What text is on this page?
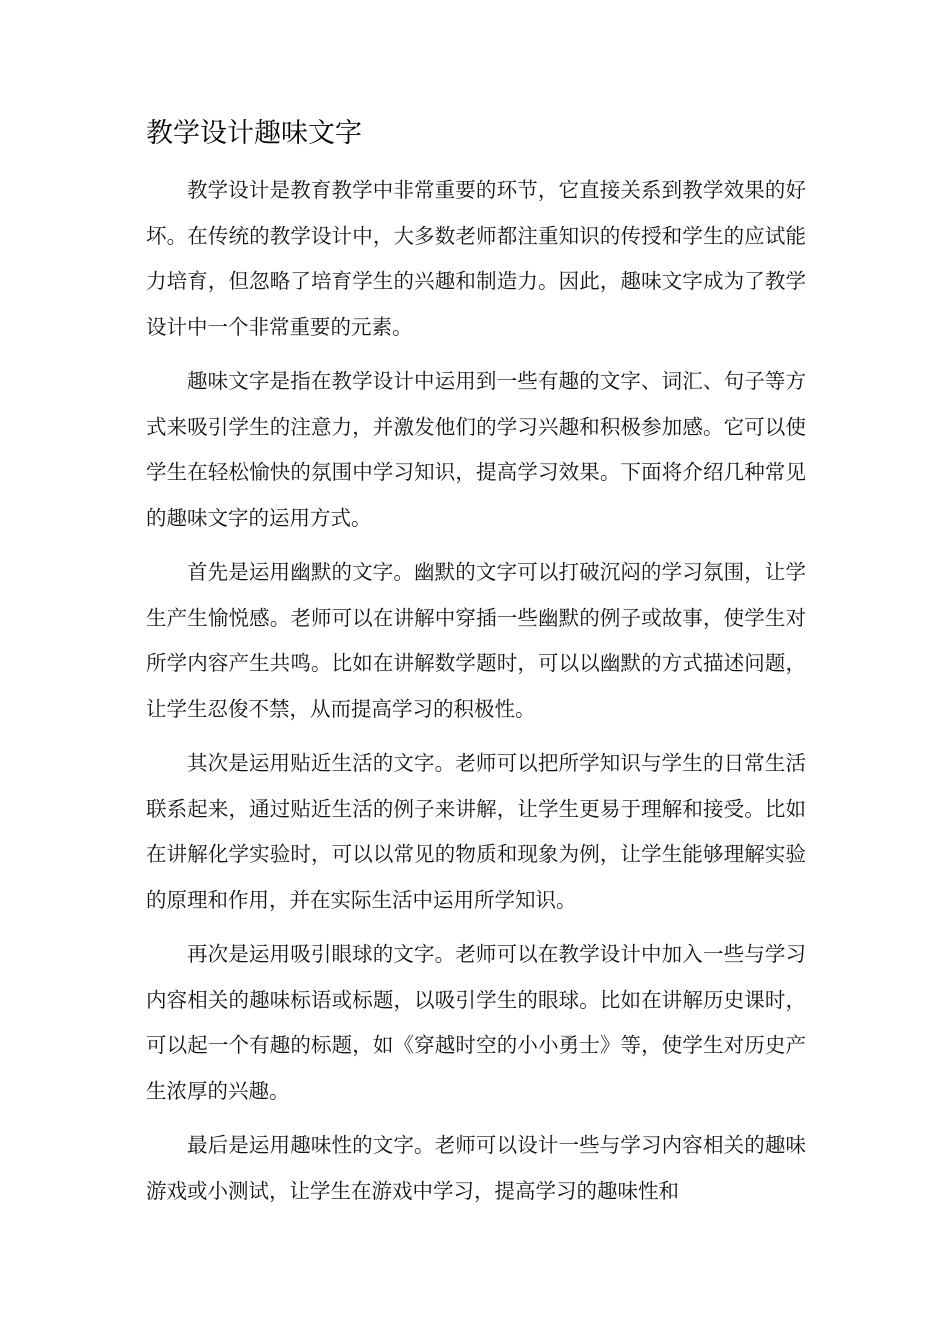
教学设计趣味文字

教学设计是教育教学中非常重要的环节，它直接关系到教学效果的好坏。在传统的教学设计中，大多数老师都注重知识的传授和学生的应试能力培育，但忽略了培育学生的兴趣和制造力。因此，趣味文字成为了教学设计中一个非常重要的元素。

趣味文字是指在教学设计中运用到一些有趣的文字、词汇、句子等方式来吸引学生的注意力，并激发他们的学习兴趣和积极参加感。它可以使学生在轻松愉快的氛围中学习知识，提高学习效果。下面将介绍几种常见的趣味文字的运用方式。

首先是运用幽默的文字。幽默的文字可以打破沉闷的学习氛围，让学生产生愉悦感。老师可以在讲解中穿插一些幽默的例子或故事，使学生对所学内容产生共鸣。比如在讲解数学题时，可以以幽默的方式描述问题，让学生忍俊不禁，从而提高学习的积极性。

其次是运用贴近生活的文字。老师可以把所学知识与学生的日常生活联系起来，通过贴近生活的例子来讲解，让学生更易于理解和接受。比如在讲解化学实验时，可以以常见的物质和现象为例，让学生能够理解实验的原理和作用，并在实际生活中运用所学知识。

再次是运用吸引眼球的文字。老师可以在教学设计中加入一些与学习内容相关的趣味标语或标题，以吸引学生的眼球。比如在讲解历史课时，可以起一个有趣的标题，如《穿越时空的小小勇士》等，使学生对历史产生浓厚的兴趣。

最后是运用趣味性的文字。老师可以设计一些与学习内容相关的趣味游戏或小测试，让学生在游戏中学习，提高学习的趣味性和
